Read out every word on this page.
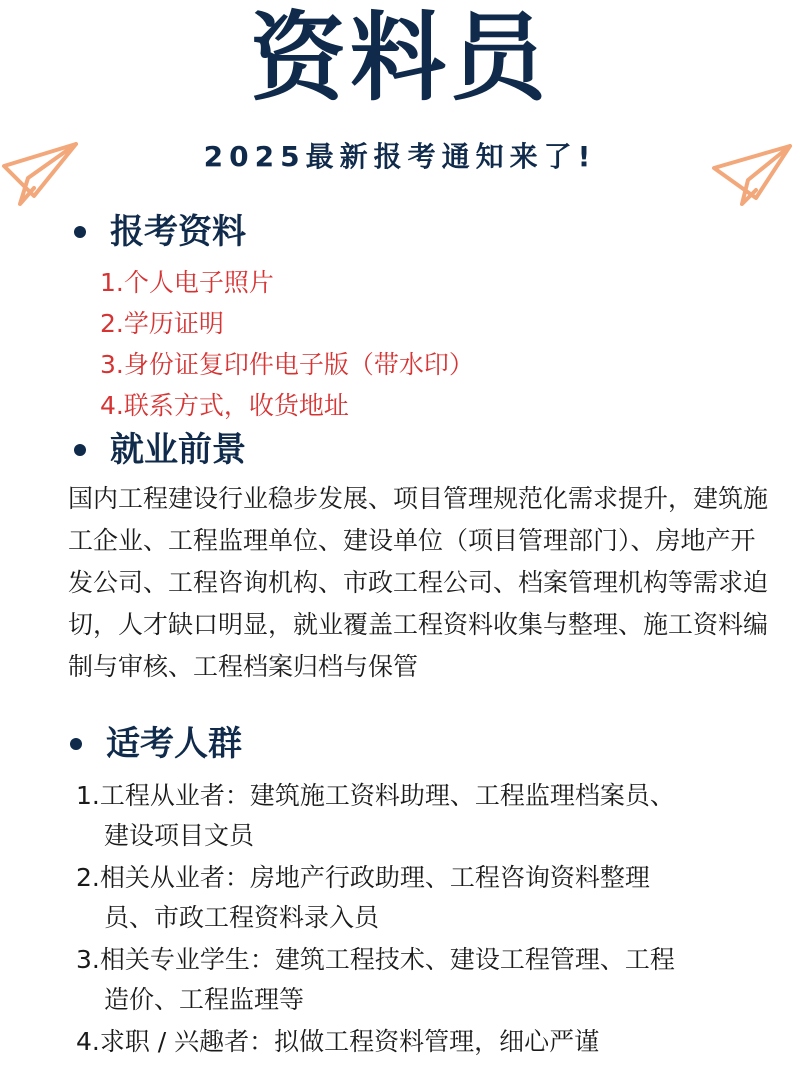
资料员
2025最新报考通知来了!
报考资料
1.个人电子照片
2.学历证明
3.身份证复印件电子版（带水印）
4.联系方式，收货地址
就业前景

国内工程建设行业稳步发展、项目管理规范化需求提升，建筑施工企业、工程监理单位、建设单位（项目管理部门）、房地产开发公司、工程咨询机构、市政工程公司、档案管理机构等需求迫切，人才缺口明显，就业覆盖工程资料收集与整理、施工资料编制与审核、工程档案归档与保管

适考人群
1.工程从业者：建筑施工资料助理、工程监理档案员、
建设项目文员
2.相关从业者：房地产行政助理、工程咨询资料整理
员、市政工程资料录入员
3.相关专业学生：建筑工程技术、建设工程管理、工程
造价、工程监理等
4.求职 / 兴趣者：拟做工程资料管理，细心严谨
